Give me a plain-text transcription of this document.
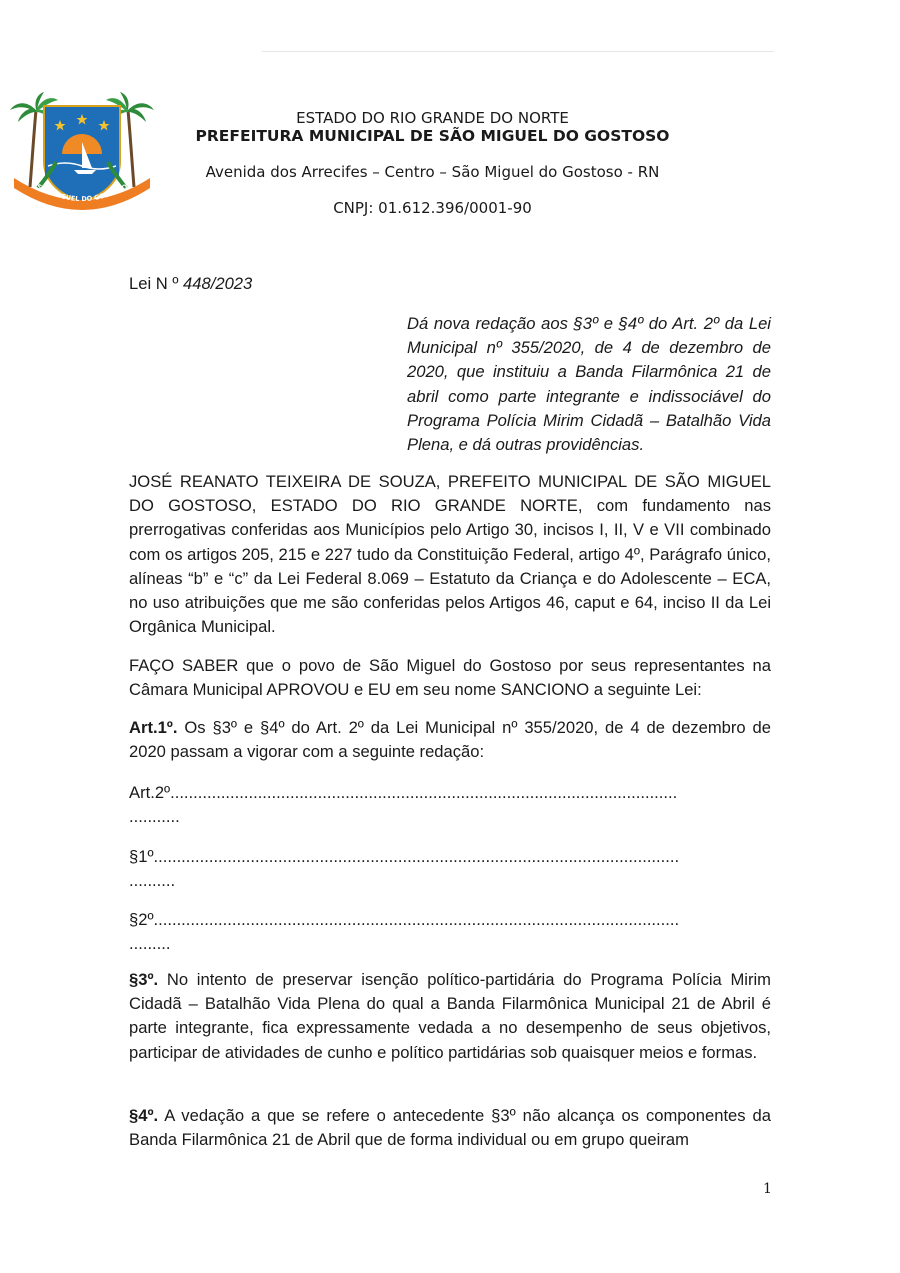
SÃO MIGUEL DO GOSTOSO
ESTADO DO RIO GRANDE DO NORTE
PREFEITURA MUNICIPAL DE SÃO MIGUEL DO GOSTOSO
Avenida dos Arrecifes – Centro – São Miguel do Gostoso - RN
CNPJ: 01.612.396/0001-90
Lei N º 448/2023
Dá nova redação aos §3º e §4º do Art. 2º da Lei Municipal nº 355/2020, de 4 de dezembro de 2020, que instituiu a Banda Filarmônica 21 de abril como parte integrante e indissociável do Programa Polícia Mirim Cidadã – Batalhão Vida Plena, e dá outras providências.
JOSÉ REANATO TEIXEIRA DE SOUZA, PREFEITO MUNICIPAL DE SÃO MIGUEL DO GOSTOSO, ESTADO DO RIO GRANDE NORTE, com fundamento nas prerrogativas conferidas aos Municípios pelo Artigo 30, incisos I, II, V e VII combinado com os artigos 205, 215 e 227 tudo da Constituição Federal, artigo 4º, Parágrafo único, alíneas “b” e “c” da Lei Federal 8.069 – Estatuto da Criança e do Adolescente – ECA, no uso atribuições que me são conferidas pelos Artigos 46, caput e 64, inciso II da Lei Orgânica Municipal.
FAÇO SABER que o povo de São Miguel do Gostoso por seus representantes na Câmara Municipal APROVOU e EU em seu nome SANCIONO a seguinte Lei:
Art.1º. Os §3º e §4º do Art. 2º da Lei Municipal nº 355/2020, de 4 de dezembro de 2020 passam a vigorar com a seguinte redação:
Art.2º..............................................................................................................
...........
§1º..................................................................................................................
..........
§2º..................................................................................................................
.........
§3º. No intento de preservar isenção político-partidária do Programa Polícia Mirim Cidadã – Batalhão Vida Plena do qual a Banda Filarmônica Municipal 21 de Abril é parte integrante, fica expressamente vedada a no desempenho de seus objetivos, participar de atividades de cunho e político partidárias sob quaisquer meios e formas.
§4º. A vedação a que se refere o antecedente §3º não alcança os componentes da Banda Filarmônica 21 de Abril que de forma individual ou em grupo queiram
1
